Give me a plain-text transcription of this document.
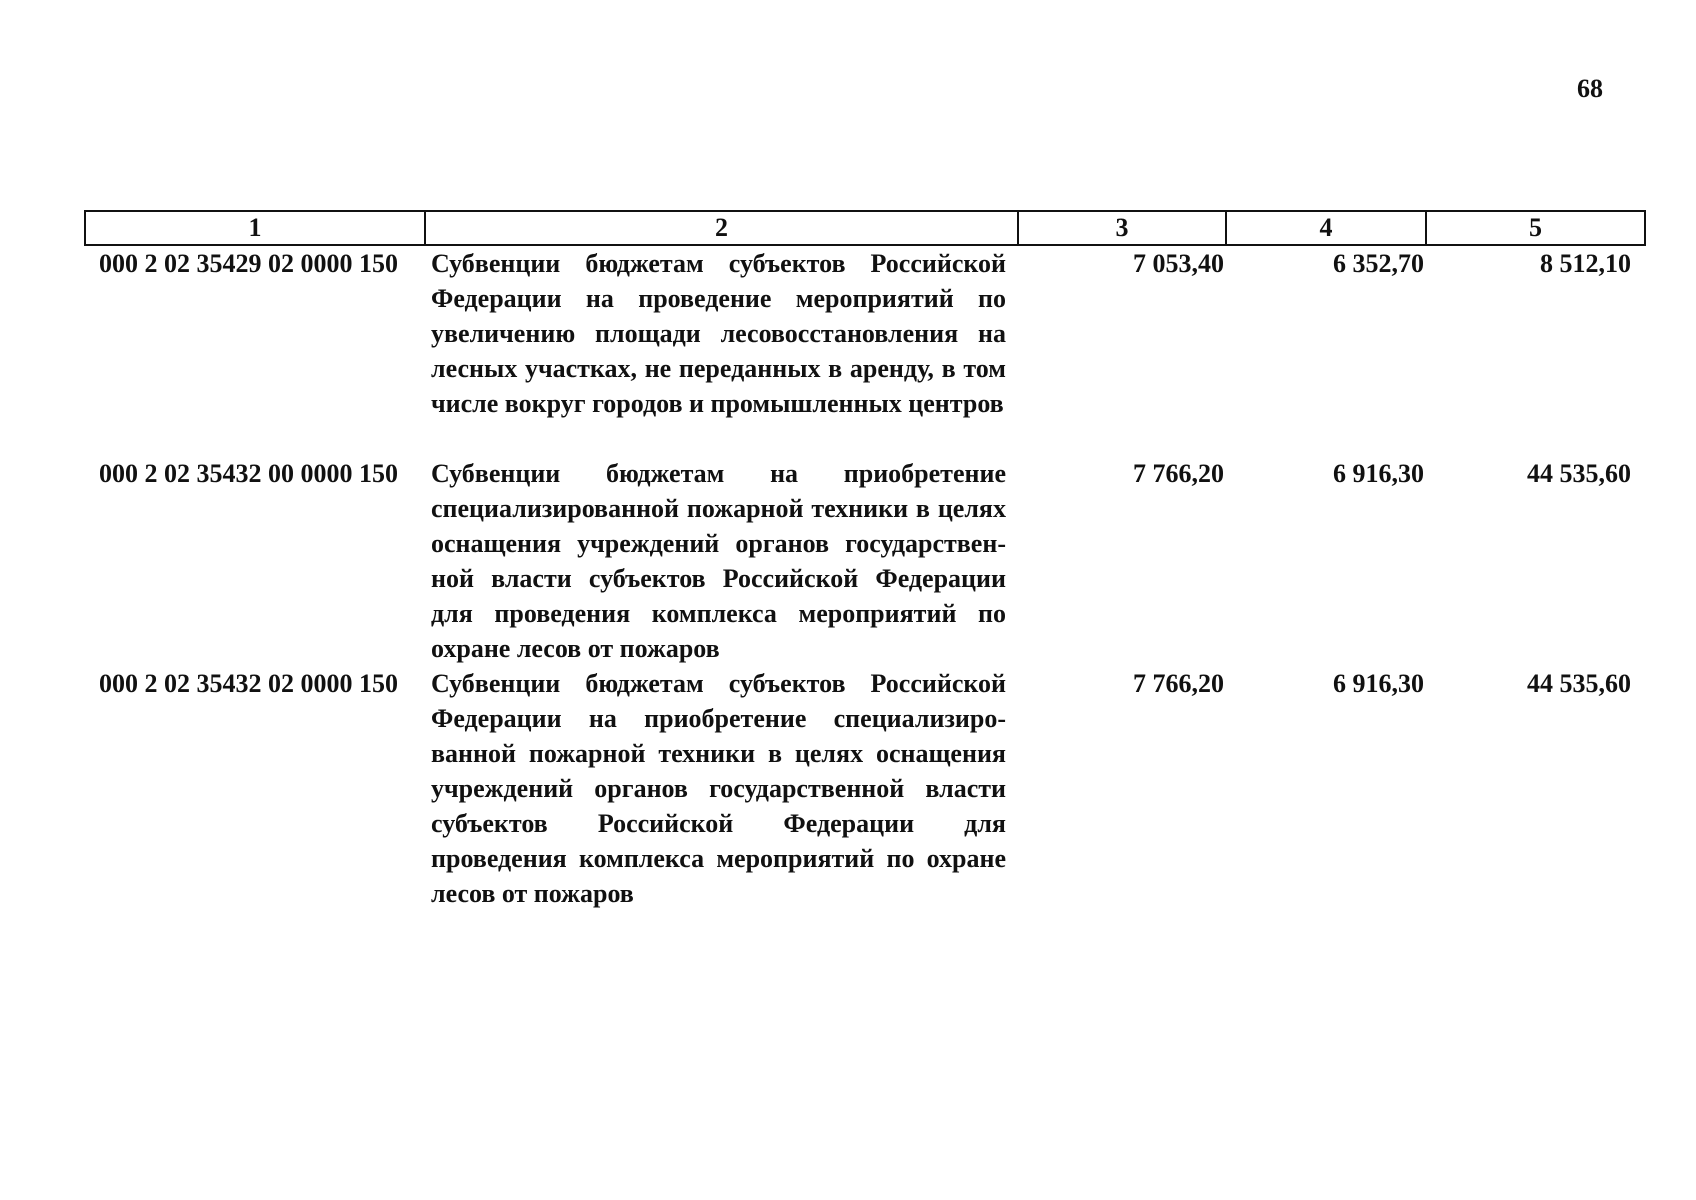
68
1	2	3	4	5
000 2 02 35429 02 0000 150	Субвенции бюджетам субъектов Российской Федерации на проведение мероприятий по увеличению площади лесовосстановления на лесных участках, не переданных в аренду, в том числе вокруг городов и промышленных центров	7 053,40	6 352,70	8 512,10
000 2 02 35432 00 0000 150	Субвенции бюджетам на приобретение специализированной пожарной техники в целях оснащения учреждений органов государствен-ной власти субъектов Российской Федерации для проведения комплекса мероприятий по охране лесов от пожаров	7 766,20	6 916,30	44 535,60
000 2 02 35432 02 0000 150	Субвенции бюджетам субъектов Российской Федерации на приобретение специализиро-ванной пожарной техники в целях оснащения учреждений органов государственной власти субъектов Российской Федерации для проведения комплекса мероприятий по охране лесов от пожаров	7 766,20	6 916,30	44 535,60
